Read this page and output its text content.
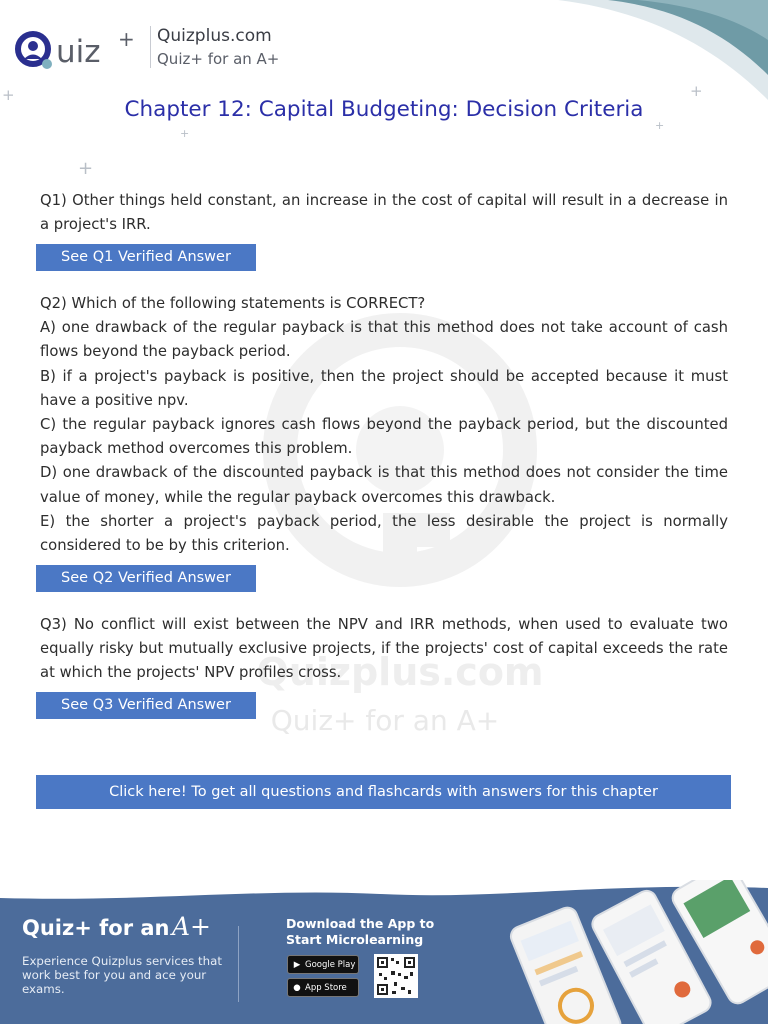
+	+
+
+
+
Quizplus.com
Quiz+ for an A+
uiz + Quizplus.com
Quiz+ for an A+
Chapter 12: Capital Budgeting: Decision Criteria

Q1) Other things held constant, an increase in the cost of capital will result in a decrease in a project's IRR.

See Q1 Verified Answer

Q2) Which of the following statements is CORRECT?

A) one drawback of the regular payback is that this method does not take account of cash flows beyond the payback period.

B) if a project's payback is positive, then the project should be accepted because it must have a positive npv.

C) the regular payback ignores cash flows beyond the payback period, but the discounted payback method overcomes this problem.

D) one drawback of the discounted payback is that this method does not consider the time value of money, while the regular payback overcomes this drawback.

E) the shorter a project's payback period, the less desirable the project is normally considered to be by this criterion.

See Q2 Verified Answer

Q3) No conflict will exist between the NPV and IRR methods, when used to evaluate two equally risky but mutually exclusive projects, if the projects' cost of capital exceeds the rate at which the projects' NPV profiles cross.

See Q3 Verified Answer
Click here! To get all questions and flashcards with answers for this chapter
Quiz+ for an A+
Experience Quizplus services that work best for you and ace your exams.
Download the App to
Start Microlearning
▶ Google Play
● App Store
